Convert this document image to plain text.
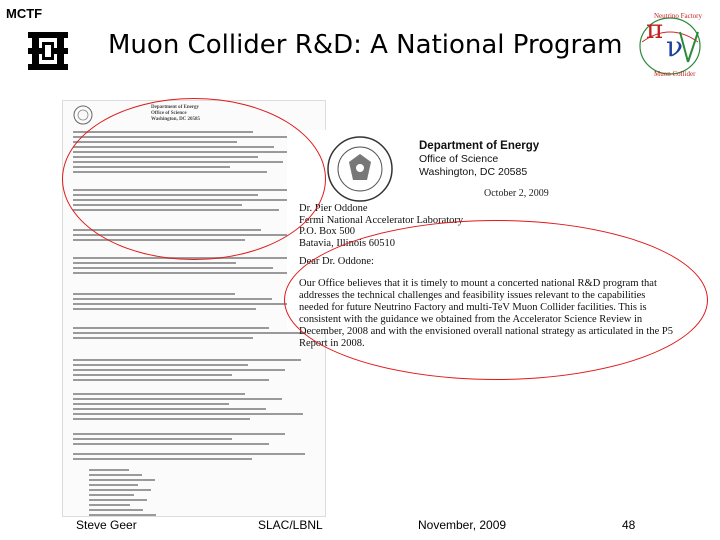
MCTF
Muon Collider R&D: A National Program π ν
Neutrino Factory
Muon Collider
Department of Energy
Office of Science
Washington, DC 20585
Department of Energy
Office of Science
Washington, DC 20585
October 2, 2009
Dr. Pier Oddone
Fermi National Accelerator Laboratory
P.O. Box 500
Batavia, Illinois 60510
Dear Dr. Oddone:
Our Office believes that it is timely to mount a concerted national R&D program that
addresses the technical challenges and feasibility issues relevant to the capabilities
needed for future Neutrino Factory and multi-TeV Muon Collider facilities. This is
consistent with the guidance we obtained from the Accelerator Science Review in
December, 2008 and with the envisioned overall national strategy as articulated in the P5
Report in 2008.
Steve Geer	SLAC/LBNL	November, 2009	48
